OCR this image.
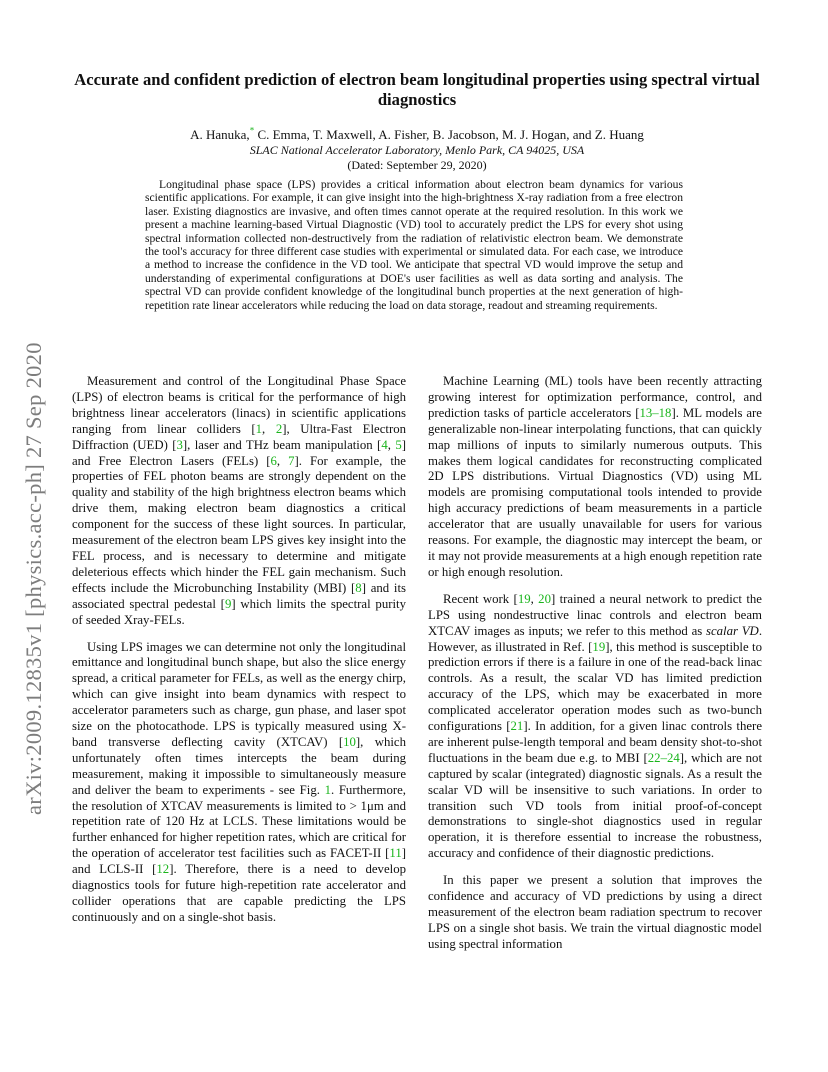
arXiv:2009.12835v1 [physics.acc-ph] 27 Sep 2020
Accurate and confident prediction of electron beam longitudinal properties using spectral virtual diagnostics
A. Hanuka,* C. Emma, T. Maxwell, A. Fisher, B. Jacobson, M. J. Hogan, and Z. Huang
SLAC National Accelerator Laboratory, Menlo Park, CA 94025, USA
(Dated: September 29, 2020)

Longitudinal phase space (LPS) provides a critical information about electron beam dynamics for various scientific applications. For example, it can give insight into the high-brightness X-ray radiation from a free electron laser. Existing diagnostics are invasive, and often times cannot operate at the required resolution. In this work we present a machine learning-based Virtual Diagnostic (VD) tool to accurately predict the LPS for every shot using spectral information collected non-destructively from the radiation of relativistic electron beam. We demonstrate the tool's accuracy for three different case studies with experimental or simulated data. For each case, we introduce a method to increase the confidence in the VD tool. We anticipate that spectral VD would improve the setup and understanding of experimental configurations at DOE's user facilities as well as data sorting and analysis. The spectral VD can provide confident knowledge of the longitudinal bunch properties at the next generation of high-repetition rate linear accelerators while reducing the load on data storage, readout and streaming requirements.

Measurement and control of the Longitudinal Phase Space (LPS) of electron beams is critical for the performance of high brightness linear accelerators (linacs) in scientific applications ranging from linear colliders [1, 2], Ultra-Fast Electron Diffraction (UED) [3], laser and THz beam manipulation [4, 5] and Free Electron Lasers (FELs) [6, 7]. For example, the properties of FEL photon beams are strongly dependent on the quality and stability of the high brightness electron beams which drive them, making electron beam diagnostics a critical component for the success of these light sources. In particular, measurement of the electron beam LPS gives key insight into the FEL process, and is necessary to determine and mitigate deleterious effects which hinder the FEL gain mechanism. Such effects include the Microbunching Instability (MBI) [8] and its associated spectral pedestal [9] which limits the spectral purity of seeded Xray-FELs.

Using LPS images we can determine not only the longitudinal emittance and longitudinal bunch shape, but also the slice energy spread, a critical parameter for FELs, as well as the energy chirp, which can give insight into beam dynamics with respect to accelerator parameters such as charge, gun phase, and laser spot size on the photocathode. LPS is typically measured using X-band transverse deflecting cavity (XTCAV) [10], which unfortunately often times intercepts the beam during measurement, making it impossible to simultaneously measure and deliver the beam to experiments - see Fig. 1. Furthermore, the resolution of XTCAV measurements is limited to > 1μm and repetition rate of 120 Hz at LCLS. These limitations would be further enhanced for higher repetition rates, which are critical for the operation of accelerator test facilities such as FACET-II [11] and LCLS-II [12]. Therefore, there is a need to develop diagnostics tools for future high-repetition rate accelerator and collider operations that are capable predicting the LPS continuously and on a single-shot basis.

Machine Learning (ML) tools have been recently attracting growing interest for optimization performance, control, and prediction tasks of particle accelerators [13–18]. ML models are generalizable non-linear interpolating functions, that can quickly map millions of inputs to similarly numerous outputs. This makes them logical candidates for reconstructing complicated 2D LPS distributions. Virtual Diagnostics (VD) using ML models are promising computational tools intended to provide high accuracy predictions of beam measurements in a particle accelerator that are usually unavailable for users for various reasons. For example, the diagnostic may intercept the beam, or it may not provide measurements at a high enough repetition rate or high enough resolution.

Recent work [19, 20] trained a neural network to predict the LPS using nondestructive linac controls and electron beam XTCAV images as inputs; we refer to this method as scalar VD. However, as illustrated in Ref. [19], this method is susceptible to prediction errors if there is a failure in one of the read-back linac controls. As a result, the scalar VD has limited prediction accuracy of the LPS, which may be exacerbated in more complicated accelerator operation modes such as two-bunch configurations [21]. In addition, for a given linac controls there are inherent pulse-length temporal and beam density shot-to-shot fluctuations in the beam due e.g. to MBI [22–24], which are not captured by scalar (integrated) diagnostic signals. As a result the scalar VD will be insensitive to such variations. In order to transition such VD tools from initial proof-of-concept demonstrations to single-shot diagnostics used in regular operation, it is therefore essential to increase the robustness, accuracy and confidence of their diagnostic predictions.

In this paper we present a solution that improves the confidence and accuracy of VD predictions by using a direct measurement of the electron beam radiation spectrum to recover LPS on a single shot basis. We train the virtual diagnostic model using spectral information
